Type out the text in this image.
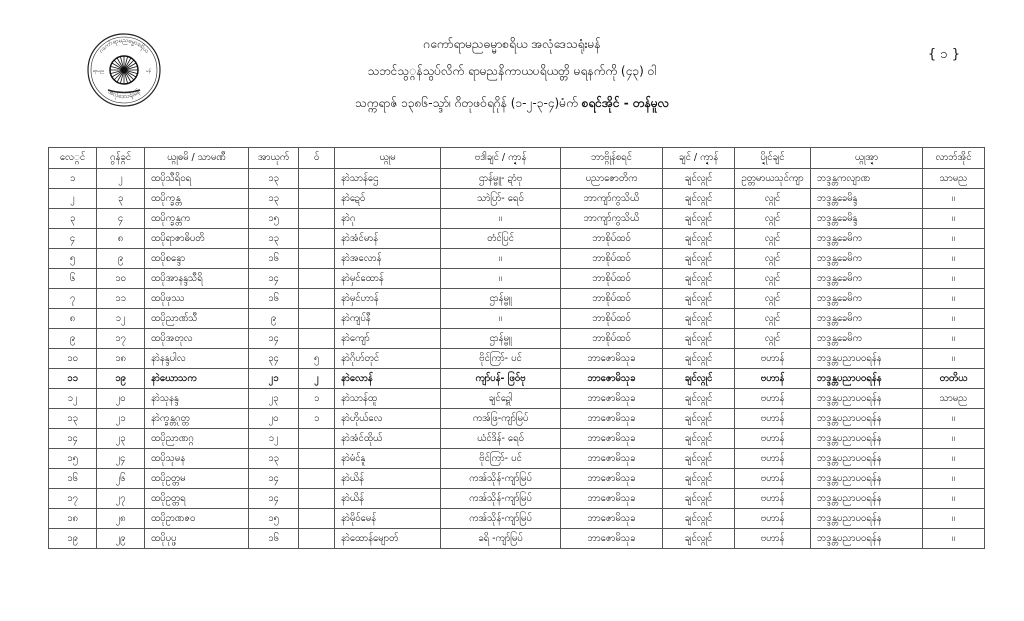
ဂကော်ရာမညဓမ္မာစရိယ
အလုံဒေသရုံးမန်
ရာမည	မန်
ဂကော်ရာမညဓမ္မာစရိယ အလုံဒေသရုံးမန်
သဘင်သွ္ဂန်သွပ်လိက် ရာမညနိကာယပရိယတ္တိ မရနက်ကို (၄၃) ဝါ
သက္ကရာဇ် ၁၃၈၆-သ္ဒာ်၊ ဂိတုဖဝ်ရဂိုန် (၁-၂-၃-၄)မံက် စရင်အိုင် - တန်မူလ
{ ၁ }
လေ္ဂင်	ဂွန်ခ္ဂင်	ယ္ဂုဓမိ / သာမဏီ	အာယုက်	ဝ်	ယ္ဂုမ	ဗဒါဲချင် / က္ဍာန်	ဘာဗ္ဂိုန်စရင်	ချင် / က္ဍာန်	ပ္ဍိုင်ချင်	ယ္ဂုအ္ဍာ	လာဘ်အိုင်
၁	၂	ထပိုသီရိဝရ	၁၃		နာဲသာန်ဌေ	ဌာန်မ္ဗူ- ဍာံဗု	ပညာဇောတိက	ချင်လ္ဂုင်	ဥတ္တမာယသုင်ကျာ	ဘဒ္ဒန္တကလျာဏ	သာမည
၂	၃	ထပိုက္ခန္တ	၁၃		နာဲဍေဝ်	သာဲပြာ်- ရေဝ်	ဘာကျာ်ကွသိယိ	ချင်လ္ဂုင်	လ္ဂုင်	ဘဒ္ဒန္တခေမိန္ဒ	။
၃	၄	ထပိုက္ခန္တက	၁၅		နာဲဂု	။	ဘာကျာ်ကွသိယိ	ချင်လ္ဂုင်	လ္ဂုင်	ဘဒ္ဒန္တခေမိန္ဒ	။
၄	၈	ထပိုရာဇာဓိပတိ	၁၃		နာဲအံင်မာန်	တံင်ပြင်	ဘာစိုပ်ထဝ်	ချင်လ္ဂုင်	လ္ဂုင်	ဘဒ္ဒန္တခေမိက	။
၅	၉	ထပိုစန္ဒော	၁၆		နာဲအလောန်	။	ဘာစိုပ်ထဝ်	ချင်လ္ဂုင်	လ္ဂုင်	ဘဒ္ဒန္တခေမိက	။
၆	၁၀	ထပိုအာနန္ဒသီရိ	၁၄		နာဲမှင်ထောန်	။	ဘာစိုပ်ထဝ်	ချင်လ္ဂုင်	လ္ဂုင်	ဘဒ္ဒန္တခေမိက	။
၇	၁၁	ထပိုဖုဿ	၁၆		နာဲမှင်ဟာန်	ဌာန်မ္ဗူ	ဘာစိုပ်ထဝ်	ချင်လ္ဂုင်	လ္ဂုင်	ဘဒ္ဒန္တခေမိက	။
၈	၁၂	ထပိုညာဏ်သီ	၉		နာဲကျပ်နီ	။	ဘာစိုပ်ထဝ်	ချင်လ္ဂုင်	လ္ဂုင်	ဘဒ္ဒန္တခေမိက	။
၉	၁၇	ထပိုအတုလ	၁၄		နာဲကျော်	ဌာန်မ္ဗူ	ဘာစိုပ်ထဝ်	ချင်လ္ဂုင်	လ္ဂုင်	ဘဒ္ဒန္တခေမိက	။
၁၀	၁၈	နာဲနန္ဒပါလ	၃၄	၅	နာဲဂိုဟ်တုင်	ဗိုင်ကြာ်- ပင်	ဘာဇောမိသုခ	ချင်လ္ဂုင်	ဗဟာန်	ဘဒ္ဒန္တပညာပဝရန်န	။
၁၁	၁၉	နာဲဃောသက	၂၁	၂	နာဲလောန်	ကျာ်ပန်- ဖြဝ်ဗု	ဘာဇောမိသုခ	ချင်လ္ဂုင်	ဗဟာန်	ဘဒ္ဒန္တပညာပဝရန်န	တတိယ
၁၂	၂၀	နာဲသုနန္ဒ	၂၃	၁	နာဲသာန်ထူ	ချင်ဍ္ဂေါ	ဘာဇောမိသုခ	ချင်လ္ဂုင်	ဗဟာန်	ဘဒ္ဒန္တပညာပဝရန်န	သာမည
၁၃	၂၁	နာဲက္ခန္တဂုတ္တ	၂၀	၁	နာဲဟိုယ်လေ	ကအ်ဖြ-ကျာ်မြပ်	ဘာဇောမိသုခ	ချင်လ္ဂုင်	ဗဟာန်	ဘဒ္ဒန္တပညာပဝရန်န	။
၁၄	၂၃	ထပိုညာဏဂ္ဂ	၁၂		နာဲအံင်ထိုယ်	ယံင်ဒိန်- ရေဝ်	ဘာဇောမိသုခ	ချင်လ္ဂုင်	ဗဟာန်	ဘဒ္ဒန္တပညာပဝရန်န	။
၁၅	၂၄	ထပိုသုမန	၁၃		နာဲမံင်နူ	ဗိုင်ကြာ်- ပင်	ဘာဇောမိသုခ	ချင်လ္ဂုင်	ဗဟာန်	ဘဒ္ဒန္တပညာပဝရန်န	။
၁၆	၂၆	ထပိုဥတ္တမ	၁၄		နာဲယိန်	ကအ်သိုန်-ကျာ်မြပ်	ဘာဇောမိသုခ	ချင်လ္ဂုင်	ဗဟာန်	ဘဒ္ဒန္တပညာပဝရန်န	။
၁၇	၂၇	ထပိုဥတ္တရ	၁၄		နာဲယိန်	ကအ်သိုန်-ကျာ်မြပ်	ဘာဇောမိသုခ	ချင်လ္ဂုင်	ဗဟာန်	ဘဒ္ဒန္တပညာပဝရန်န	။
၁၈	၂၈	ထပိုဥာဏဇဝ	၁၅		နာဲမိုဝ်မေန်	ကအ်သိုန်-ကျာ်မြပ်	ဘာဇောမိသုခ	ချင်လ္ဂုင်	ဗဟာန်	ဘဒ္ဒန္တပညာပဝရန်န	။
၁၉	၂၉	ထပိုပုပ္ဖ	၁၆		နာဲထောန်မျောတ်	ခရိ -ကျာ်မြပ်	ဘာဇောမိသုခ	ချင်လ္ဂုင်	ဗဟာန်	ဘဒ္ဒန္တပညာပဝရန်န	။
